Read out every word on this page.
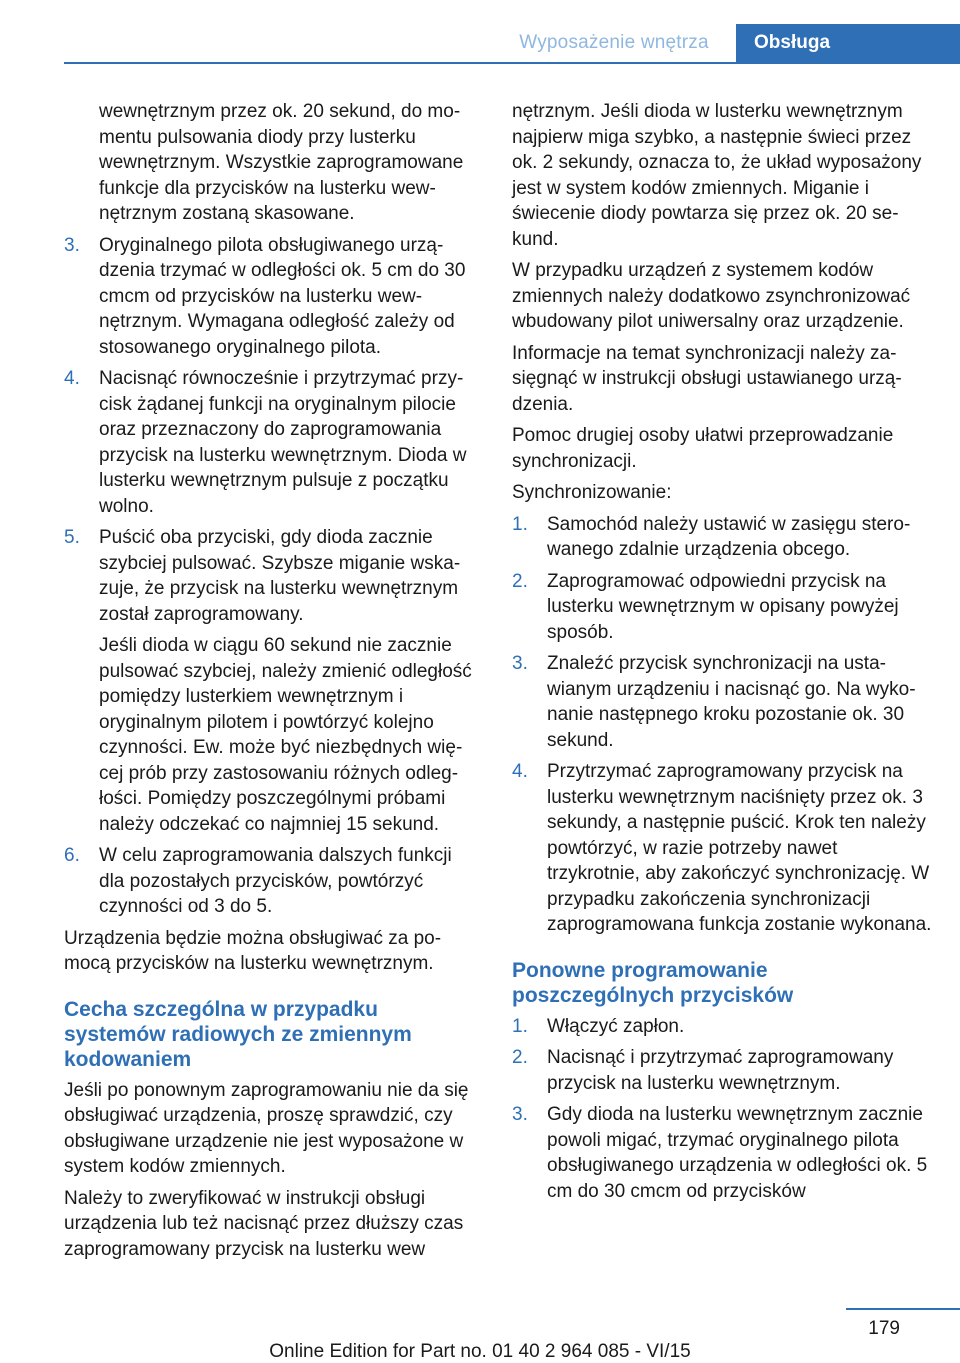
Wyposażenie wnętrza	Obsługa

wewnętrznym przez ok. 20 sekund, do momentu pulsowania diody przy lusterku wewnętrznym. Wszystkie zaprogramowane funkcje dla przycisków na lusterku wewnętrznym zostaną skasowane.

3.	Oryginalnego pilota obsługiwanego urządzenia trzymać w odległości ok. 5 cm do 30 cmcm od przycisków na lusterku wewnętrznym. Wymagana odległość zależy od stosowanego oryginalnego pilota.
4.	Nacisnąć równocześnie i przytrzymać przycisk żądanej funkcji na oryginalnym pilocie oraz przeznaczony do zaprogramowania przycisk na lusterku wewnętrznym. Dioda w lusterku wewnętrznym pulsuje z początku wolno.
5.	Puścić oba przyciski, gdy dioda zacznie szybciej pulsować. Szybsze miganie wskazuje, że przycisk na lusterku wewnętrznym został zaprogramowany.

Jeśli dioda w ciągu 60 sekund nie zacznie pulsować szybciej, należy zmienić odległość pomiędzy lusterkiem wewnętrznym i oryginalnym pilotem i powtórzyć kolejno czynności. Ew. może być niezbędnych więcej prób przy zastosowaniu różnych odległości. Pomiędzy poszczególnymi próbami należy odczekać co najmniej 15 sekund.

6.	W celu zaprogramowania dalszych funkcji dla pozostałych przycisków, powtórzyć czynności od 3 do 5.

Urządzenia będzie można obsługiwać za pomocą przycisków na lusterku wewnętrznym.

Cecha szczególna w przypadku systemów radiowych ze zmiennym kodowaniem

Jeśli po ponownym zaprogramowaniu nie da się obsługiwać urządzenia, proszę sprawdzić, czy obsługiwane urządzenie nie jest wyposażone w system kodów zmiennych.

Należy to zweryfikować w instrukcji obsługi urządzenia lub też nacisnąć przez dłuższy czas zaprogramowany przycisk na lusterku wew

nętrznym. Jeśli dioda w lusterku wewnętrznym najpierw miga szybko, a następnie świeci przez ok. 2 sekundy, oznacza to, że układ wyposażony jest w system kodów zmiennych. Miganie i świecenie diody powtarza się przez ok. 20 sekund.

W przypadku urządzeń z systemem kodów zmiennych należy dodatkowo zsynchronizować wbudowany pilot uniwersalny oraz urządzenie.

Informacje na temat synchronizacji należy zasięgnąć w instrukcji obsługi ustawianego urządzenia.

Pomoc drugiej osoby ułatwi przeprowadzanie synchronizacji.

Synchronizowanie:

1.	Samochód należy ustawić w zasięgu sterowanego zdalnie urządzenia obcego.
2.	Zaprogramować odpowiedni przycisk na lusterku wewnętrznym w opisany powyżej sposób.
3.	Znaleźć przycisk synchronizacji na ustawianym urządzeniu i nacisnąć go. Na wykonanie następnego kroku pozostanie ok. 30 sekund.
4.	Przytrzymać zaprogramowany przycisk na lusterku wewnętrznym naciśnięty przez ok. 3 sekundy, a następnie puścić. Krok ten należy powtórzyć, w razie potrzeby nawet trzykrotnie, aby zakończyć synchronizację. W przypadku zakończenia synchronizacji zaprogramowana funkcja zostanie wykonana.
Ponowne programowanie poszczególnych przycisków
1.	Włączyć zapłon.
2.	Nacisnąć i przytrzymać zaprogramowany przycisk na lusterku wewnętrznym.
3.	Gdy dioda na lusterku wewnętrznym zacznie powoli migać, trzymać oryginalnego pilota obsługiwanego urządzenia w odległości ok. 5 cm do 30 cmcm od przycisków
179
Online Edition for Part no. 01 40 2 964 085 - VI/15
